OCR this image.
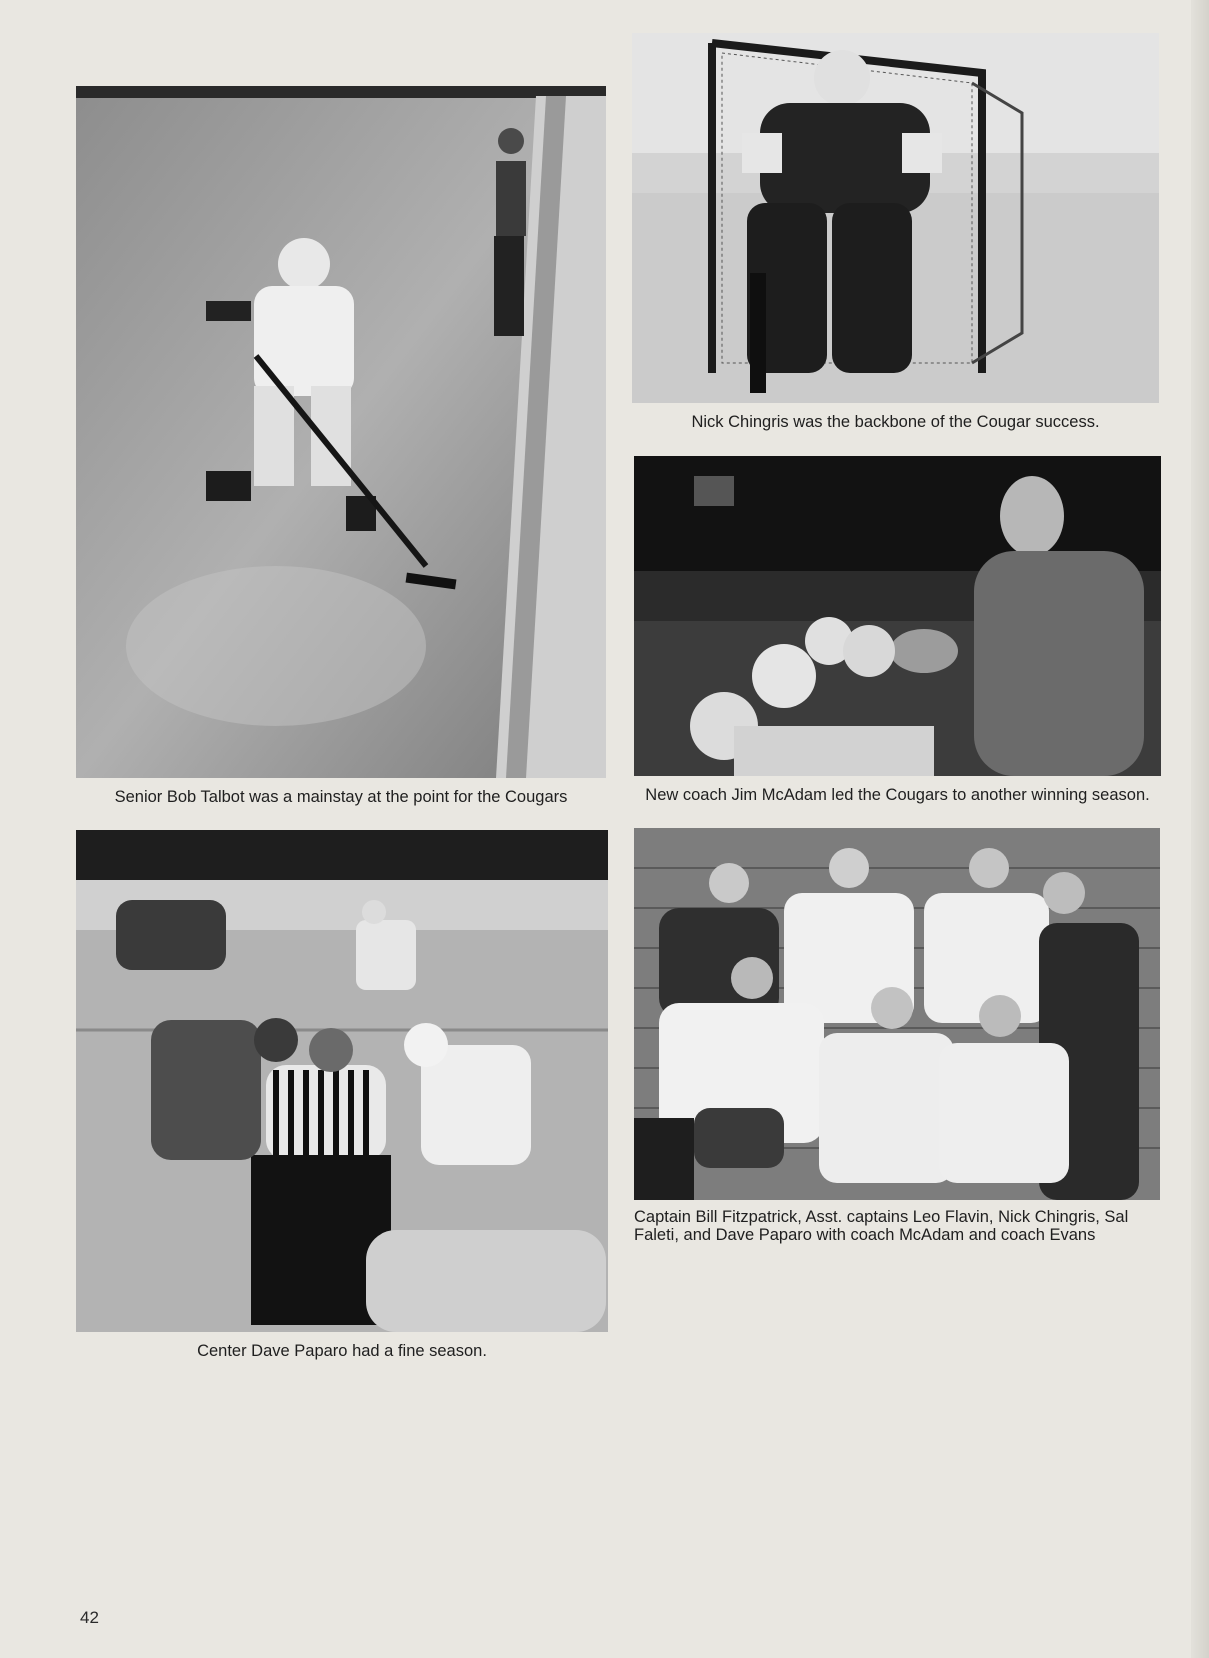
Senior Bob Talbot was a mainstay at the point for the Cougars
Nick Chingris was the backbone of the Cougar success.
New coach Jim McAdam led the Cougars to another winning season.
Center Dave Paparo had a fine season.
Captain Bill Fitzpatrick, Asst. captains Leo Flavin, Nick Chingris, Sal Faleti, and Dave Paparo with coach McAdam and coach Evans
42
